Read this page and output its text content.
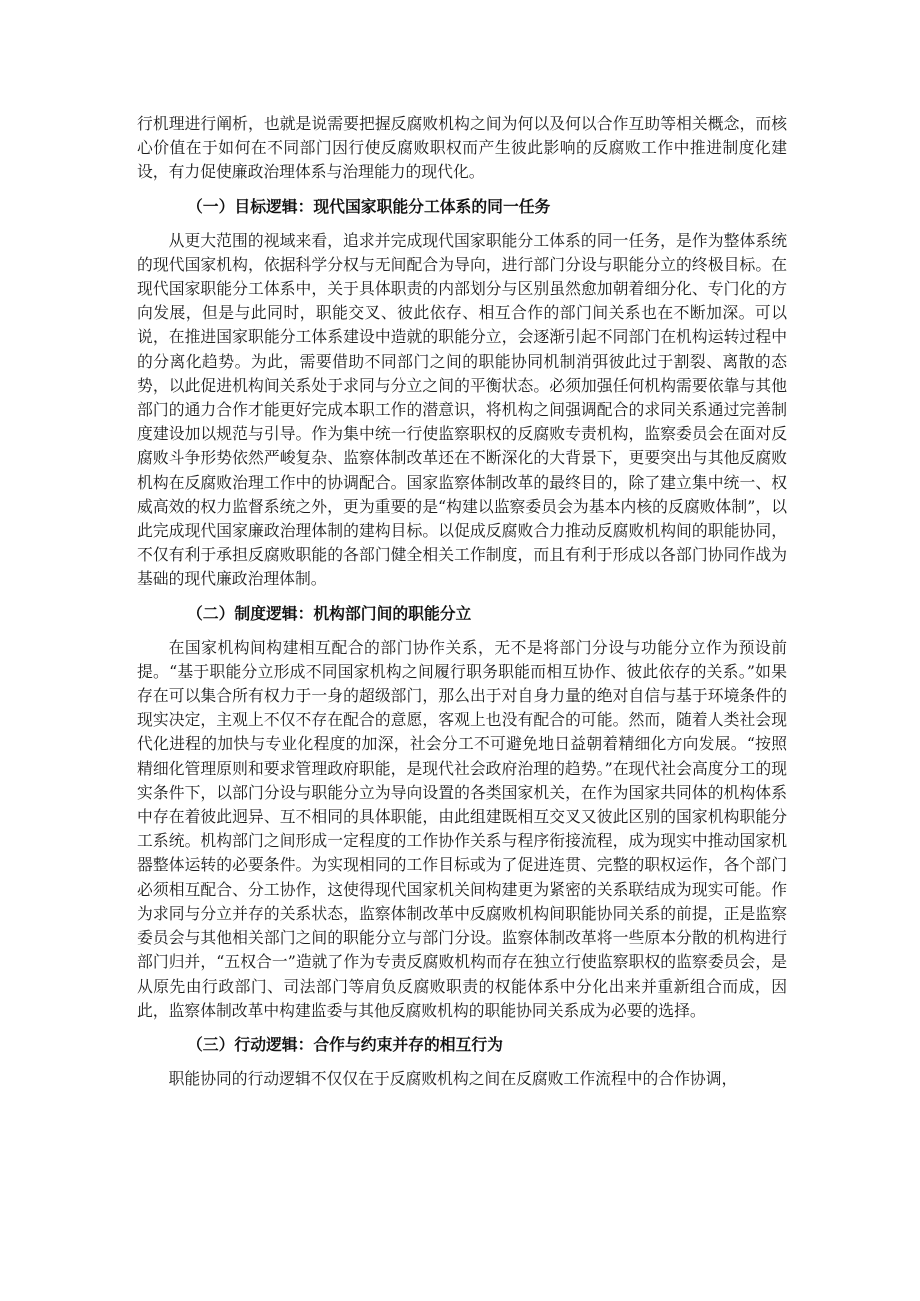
行机理进行阐析，也就是说需要把握反腐败机构之间为何以及何以合作互助等相关概念，而核心价值在于如何在不同部门因行使反腐败职权而产生彼此影响的反腐败工作中推进制度化建设，有力促使廉政治理体系与治理能力的现代化。

（一）目标逻辑：现代国家职能分工体系的同一任务

从更大范围的视域来看，追求并完成现代国家职能分工体系的同一任务，是作为整体系统的现代国家机构，依据科学分权与无间配合为导向，进行部门分设与职能分立的终极目标。在现代国家职能分工体系中，关于具体职责的内部划分与区别虽然愈加朝着细分化、专门化的方向发展，但是与此同时，职能交叉、彼此依存、相互合作的部门间关系也在不断加深。可以说，在推进国家职能分工体系建设中造就的职能分立，会逐渐引起不同部门在机构运转过程中的分离化趋势。为此，需要借助不同部门之间的职能协同机制消弭彼此过于割裂、离散的态势，以此促进机构间关系处于求同与分立之间的平衡状态。必须加强任何机构需要依靠与其他部门的通力合作才能更好完成本职工作的潜意识，将机构之间强调配合的求同关系通过完善制度建设加以规范与引导。作为集中统一行使监察职权的反腐败专责机构，监察委员会在面对反腐败斗争形势依然严峻复杂、监察体制改革还在不断深化的大背景下，更要突出与其他反腐败机构在反腐败治理工作中的协调配合。国家监察体制改革的最终目的，除了建立集中统一、权威高效的权力监督系统之外，更为重要的是“构建以监察委员会为基本内核的反腐败体制”，以此完成现代国家廉政治理体制的建构目标。以促成反腐败合力推动反腐败机构间的职能协同，不仅有利于承担反腐败职能的各部门健全相关工作制度，而且有利于形成以各部门协同作战为基础的现代廉政治理体制。

（二）制度逻辑：机构部门间的职能分立

在国家机构间构建相互配合的部门协作关系，无不是将部门分设与功能分立作为预设前提。“基于职能分立形成不同国家机构之间履行职务职能而相互协作、彼此依存的关系。”如果存在可以集合所有权力于一身的超级部门，那么出于对自身力量的绝对自信与基于环境条件的现实决定，主观上不仅不存在配合的意愿，客观上也没有配合的可能。然而，随着人类社会现代化进程的加快与专业化程度的加深，社会分工不可避免地日益朝着精细化方向发展。“按照精细化管理原则和要求管理政府职能，是现代社会政府治理的趋势。”在现代社会高度分工的现实条件下，以部门分设与职能分立为导向设置的各类国家机关，在作为国家共同体的机构体系中存在着彼此迥异、互不相同的具体职能，由此组建既相互交叉又彼此区别的国家机构职能分工系统。机构部门之间形成一定程度的工作协作关系与程序衔接流程，成为现实中推动国家机器整体运转的必要条件。为实现相同的工作目标或为了促进连贯、完整的职权运作，各个部门必须相互配合、分工协作，这使得现代国家机关间构建更为紧密的关系联结成为现实可能。作为求同与分立并存的关系状态，监察体制改革中反腐败机构间职能协同关系的前提，正是监察委员会与其他相关部门之间的职能分立与部门分设。监察体制改革将一些原本分散的机构进行部门归并，“五权合一”造就了作为专责反腐败机构而存在独立行使监察职权的监察委员会，是从原先由行政部门、司法部门等肩负反腐败职责的权能体系中分化出来并重新组合而成，因此，监察体制改革中构建监委与其他反腐败机构的职能协同关系成为必要的选择。

（三）行动逻辑：合作与约束并存的相互行为

职能协同的行动逻辑不仅仅在于反腐败机构之间在反腐败工作流程中的合作协调，
